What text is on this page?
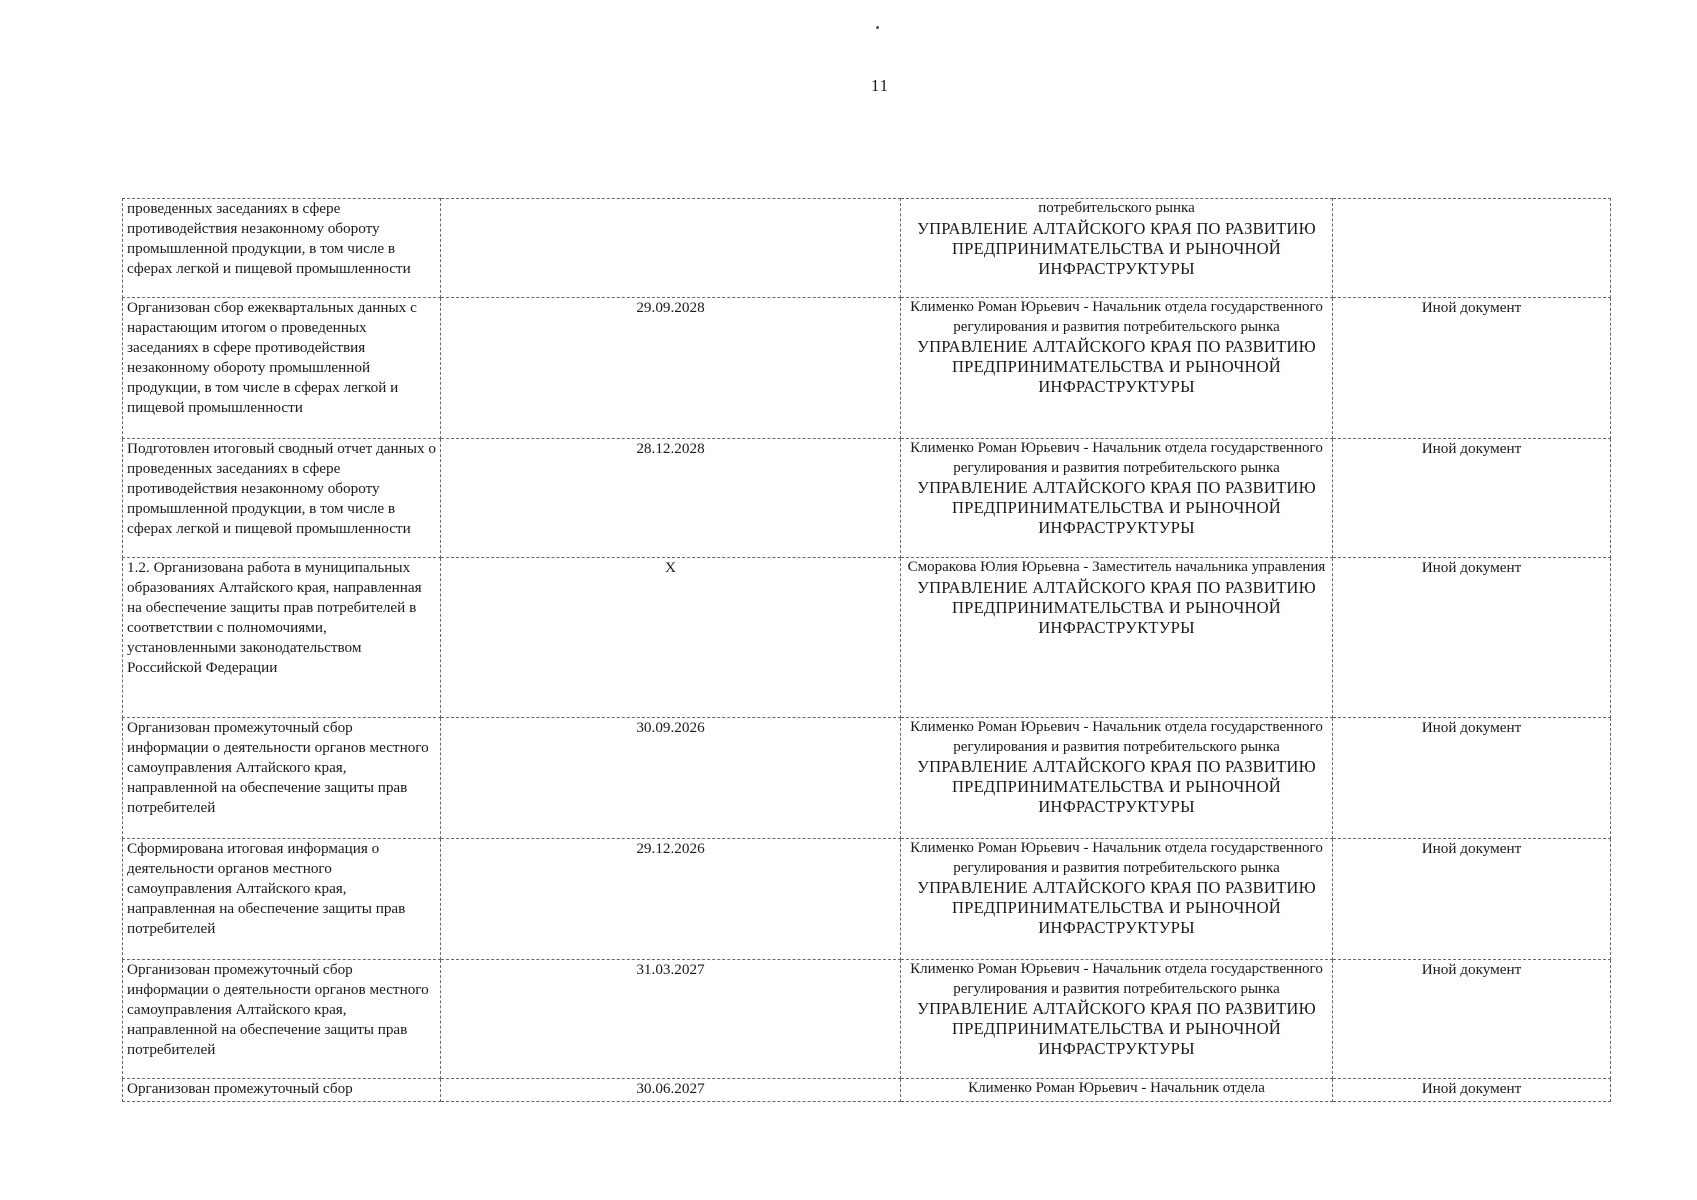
11
проведенных заседаниях в сфере противодействия незаконному обороту промышленной продукции, в том числе в сферах легкой и пищевой промышленности		потребительского рынка
УПРАВЛЕНИЕ АЛТАЙСКОГО КРАЯ ПО РАЗВИТИЮ ПРЕДПРИНИМАТЕЛЬСТВА И РЫНОЧНОЙ ИНФРАСТРУКТУРЫ	

Организован сбор ежеквартальных данных с нарастающим итогом о проведенных заседаниях в сфере противодействия незаконному обороту промышленной продукции, в том числе в сферах легкой и пищевой промышленности	29.09.2028	Клименко Роман Юрьевич - Начальник отдела государственного регулирования и развития потребительского рынка
УПРАВЛЕНИЕ АЛТАЙСКОГО КРАЯ ПО РАЗВИТИЮ ПРЕДПРИНИМАТЕЛЬСТВА И РЫНОЧНОЙ ИНФРАСТРУКТУРЫ	Иной документ
Подготовлен итоговый сводный отчет данных о проведенных заседаниях в сфере противодействия незаконному обороту промышленной продукции, в том числе в сферах легкой и пищевой промышленности	28.12.2028	Клименко Роман Юрьевич - Начальник отдела государственного регулирования и развития потребительского рынка
УПРАВЛЕНИЕ АЛТАЙСКОГО КРАЯ ПО РАЗВИТИЮ ПРЕДПРИНИМАТЕЛЬСТВА И РЫНОЧНОЙ ИНФРАСТРУКТУРЫ	Иной документ
1.2. Организована работа в муниципальных образованиях Алтайского края, направленная на обеспечение защиты прав потребителей в соответствии с полномочиями, установленными законодательством Российской Федерации	X	Сморакова Юлия Юрьевна - Заместитель начальника управления
УПРАВЛЕНИЕ АЛТАЙСКОГО КРАЯ ПО РАЗВИТИЮ ПРЕДПРИНИМАТЕЛЬСТВА И РЫНОЧНОЙ ИНФРАСТРУКТУРЫ	Иной документ
Организован промежуточный сбор информации о деятельности органов местного самоуправления Алтайского края, направленной на обеспечение защиты прав потребителей	30.09.2026	Клименко Роман Юрьевич - Начальник отдела государственного регулирования и развития потребительского рынка
УПРАВЛЕНИЕ АЛТАЙСКОГО КРАЯ ПО РАЗВИТИЮ ПРЕДПРИНИМАТЕЛЬСТВА И РЫНОЧНОЙ ИНФРАСТРУКТУРЫ	Иной документ
Сформирована итоговая информация о деятельности органов местного самоуправления Алтайского края, направленная на обеспечение защиты прав потребителей	29.12.2026	Клименко Роман Юрьевич - Начальник отдела государственного регулирования и развития потребительского рынка
УПРАВЛЕНИЕ АЛТАЙСКОГО КРАЯ ПО РАЗВИТИЮ ПРЕДПРИНИМАТЕЛЬСТВА И РЫНОЧНОЙ ИНФРАСТРУКТУРЫ	Иной документ
Организован промежуточный сбор информации о деятельности органов местного самоуправления Алтайского края, направленной на обеспечение защиты прав потребителей	31.03.2027	Клименко Роман Юрьевич - Начальник отдела государственного регулирования и развития потребительского рынка
УПРАВЛЕНИЕ АЛТАЙСКОГО КРАЯ ПО РАЗВИТИЮ ПРЕДПРИНИМАТЕЛЬСТВА И РЫНОЧНОЙ ИНФРАСТРУКТУРЫ	Иной документ
Организован промежуточный сбор	30.06.2027	Клименко Роман Юрьевич - Начальник отдела	Иной документ
